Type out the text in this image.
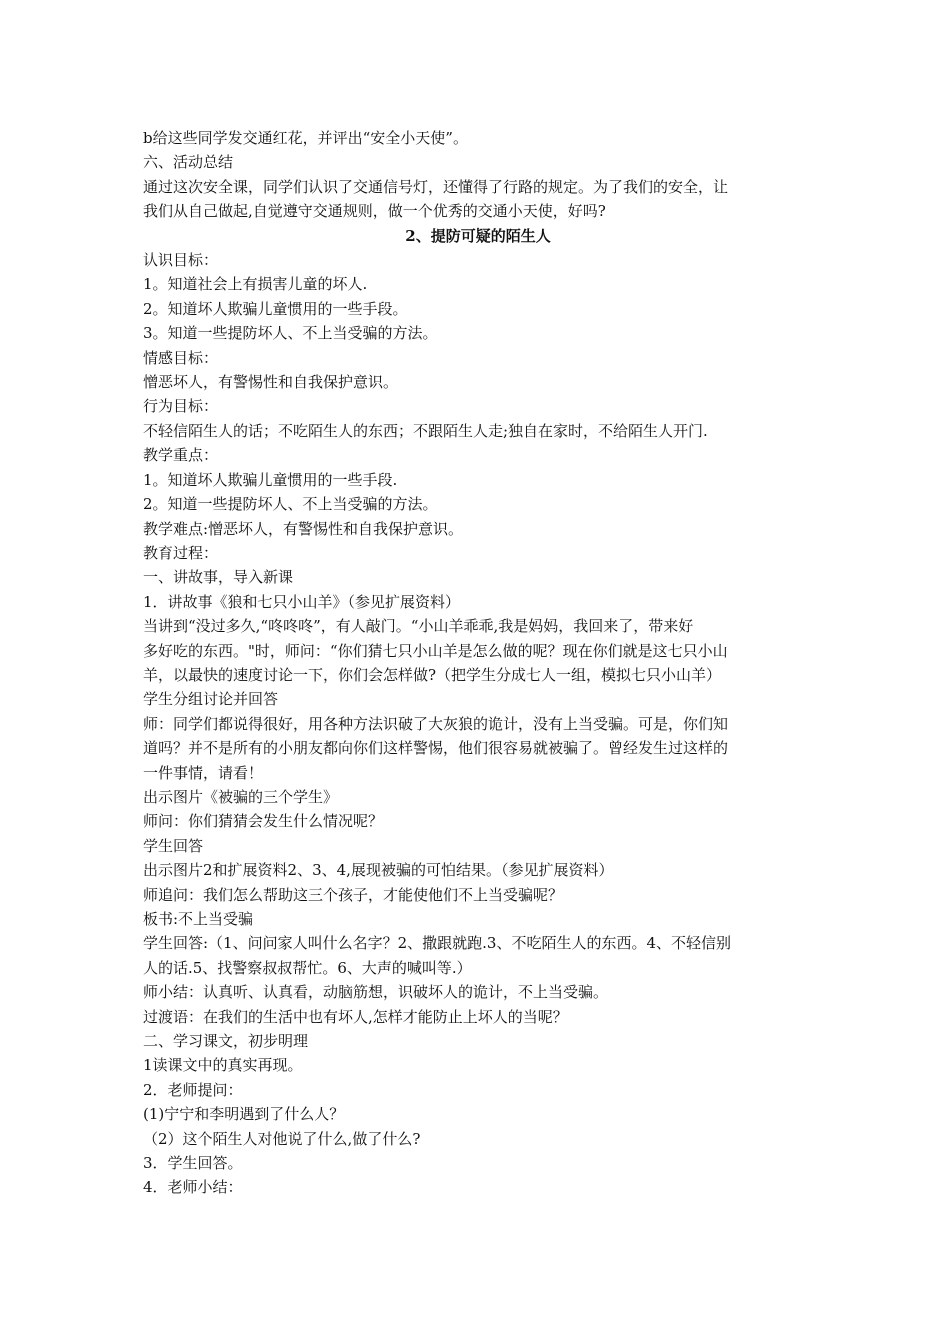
b给这些同学发交通红花，并评出“安全小天使”。

六、活动总结

通过这次安全课，同学们认识了交通信号灯，还懂得了行路的规定。为了我们的安全，让

我们从自己做起,自觉遵守交通规则，做一个优秀的交通小天使，好吗?

2、提防可疑的陌生人

认识目标：

1。知道社会上有损害儿童的坏人.

2。知道坏人欺骗儿童惯用的一些手段。

3。知道一些提防坏人、不上当受骗的方法。

情感目标：

憎恶坏人，有警惕性和自我保护意识。

行为目标：

不轻信陌生人的话；不吃陌生人的东西；不跟陌生人走;独自在家时，不给陌生人开门.

教学重点：

1。知道坏人欺骗儿童惯用的一些手段.

2。知道一些提防坏人、不上当受骗的方法。

教学难点:憎恶坏人，有警惕性和自我保护意识。

教育过程：

一、讲故事，导入新课

1．讲故事《狼和七只小山羊》（参见扩展资料）

当讲到“没过多久,“咚咚咚”，有人敲门。“小山羊乖乖,我是妈妈，我回来了，带来好

多好吃的东西。"时，师问：“你们猜七只小山羊是怎么做的呢？现在你们就是这七只小山

羊，以最快的速度讨论一下，你们会怎样做?（把学生分成七人一组，模拟七只小山羊）

学生分组讨论并回答

师：同学们都说得很好，用各种方法识破了大灰狼的诡计，没有上当受骗。可是，你们知

道吗？并不是所有的小朋友都向你们这样警惕，他们很容易就被骗了。曾经发生过这样的

一件事情，请看！

出示图片《被骗的三个学生》

师问：你们猜猜会发生什么情况呢？

学生回答

出示图片2和扩展资料2、3、4,展现被骗的可怕结果。（参见扩展资料）

师追问：我们怎么帮助这三个孩子，才能使他们不上当受骗呢？

板书:不上当受骗

学生回答:（1、问问家人叫什么名字？2、撒跟就跑.3、不吃陌生人的东西。4、不轻信别

人的话.5、找警察叔叔帮忙。6、大声的喊叫等.）

师小结：认真听、认真看，动脑筋想，识破坏人的诡计，不上当受骗。

过渡语：在我们的生活中也有坏人,怎样才能防止上坏人的当呢？

二、学习课文，初步明理

1读课文中的真实再现。

2．老师提问：

(1)宁宁和李明遇到了什么人？

（2）这个陌生人对他说了什么,做了什么?

3．学生回答。

4．老师小结：
